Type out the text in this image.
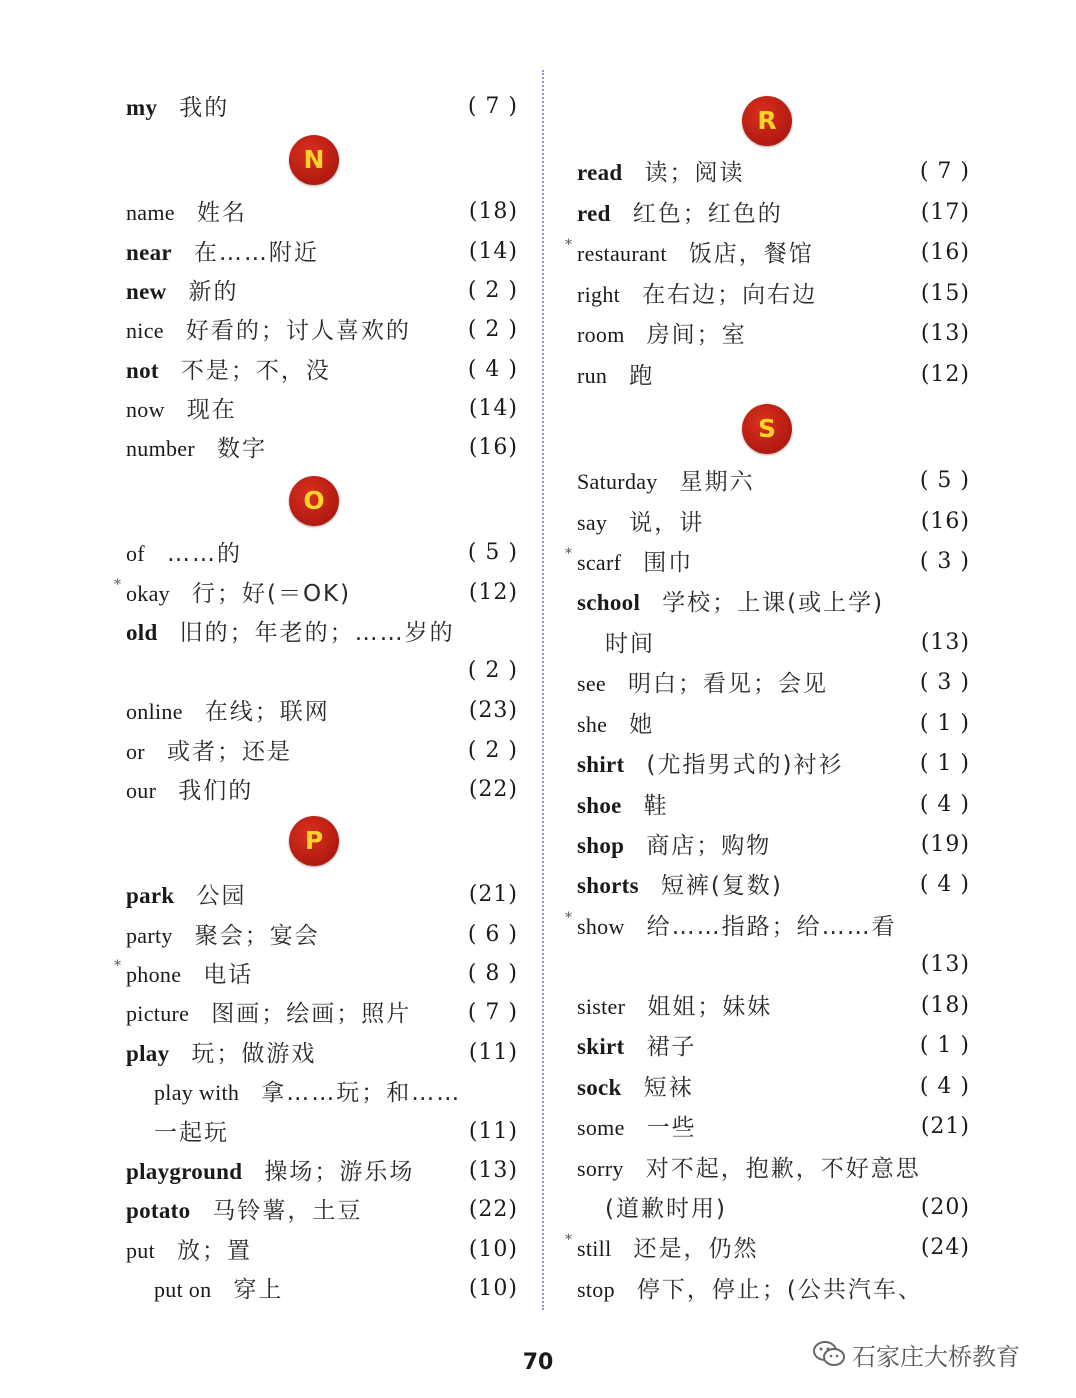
my 我的	( 7 )
N
name 姓名	(18)
near 在……附近	(14)
new 新的	( 2 )
nice 好看的；讨人喜欢的	( 2 )
not 不是；不，没	( 4 )
now 现在	(14)
number 数字	(16)
O
of ……的	( 5 )
* okay 行；好(＝OK)	(12)
old 旧的；年老的；……岁的
( 2 )
online 在线；联网	(23)
or 或者；还是	( 2 )
our 我们的	(22)
P
park 公园	(21)
party 聚会；宴会	( 6 )
* phone 电话	( 8 )
picture 图画；绘画；照片	( 7 )
play 玩；做游戏	(11)
play with 拿……玩；和……
一起玩	(11)
playground 操场；游乐场 (13)
potato 马铃薯，土豆	(22)
put 放；置	(10)
put on 穿上	(10)
R
read 读；阅读	( 7 )
red 红色；红色的	(17)
* restaurant 饭店，餐馆	(16)
right 在右边；向右边	(15)
room 房间；室	(13)
run 跑	(12)
S
Saturday 星期六	( 5 )
say 说，讲	(16)
* scarf 围巾	( 3 )
school 学校；上课(或上学)
时间	(13)
see 明白；看见；会见	( 3 )
she 她	( 1 )
shirt (尤指男式的)衬衫	( 1 )
shoe 鞋	( 4 )
shop 商店；购物	(19)
shorts 短裤(复数)	( 4 )
* show 给……指路；给……看
(13)
sister 姐姐；妹妹	(18)
skirt 裙子	( 1 )
sock 短袜	( 4 )
some 一些	(21)
sorry 对不起，抱歉，不好意思
(道歉时用)	(20)
* still 还是，仍然	(24)
stop 停下，停止；(公共汽车、
70	石家庄大桥教育
